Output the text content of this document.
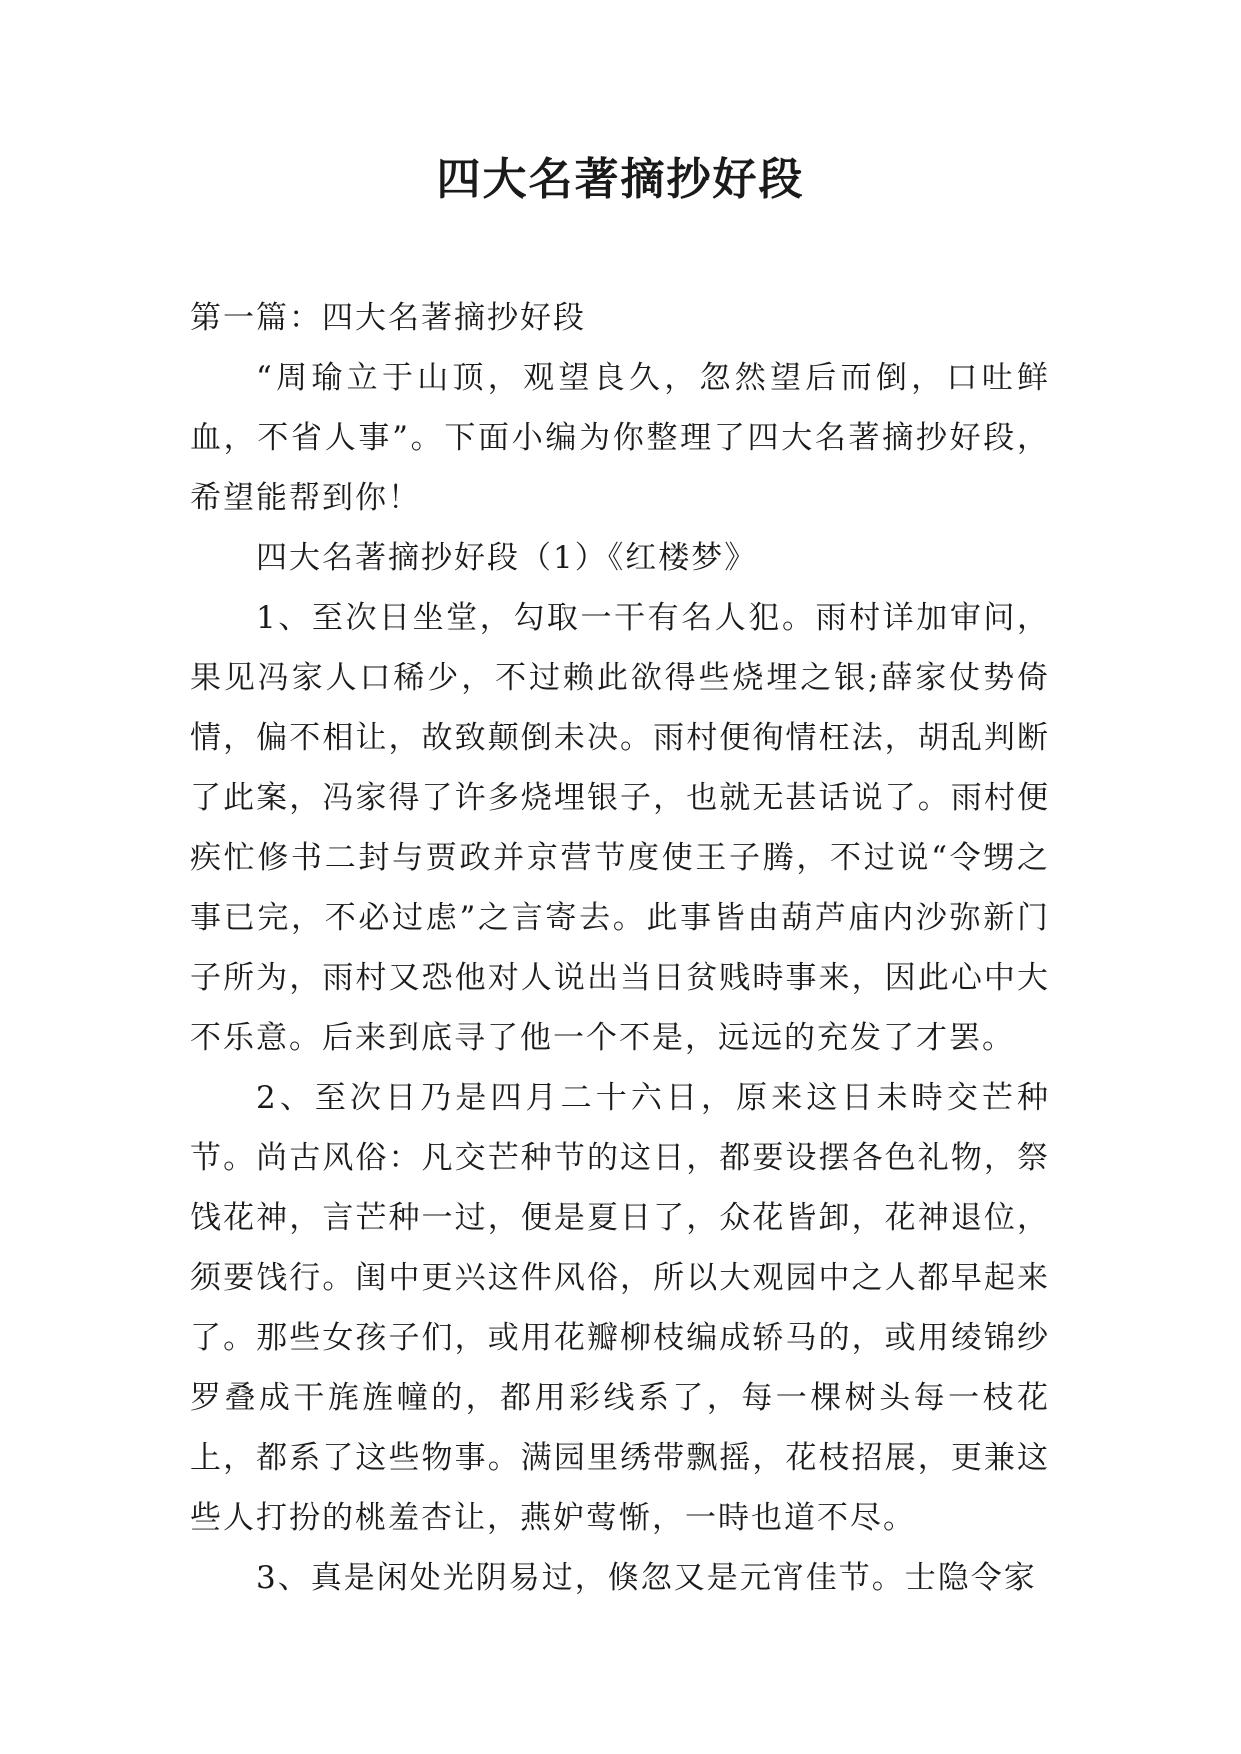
四大名著摘抄好段

第一篇：四大名著摘抄好段

“周瑜立于山顶，观望良久，忽然望后而倒，口吐鲜血，不省人事”。下面小编为你整理了四大名著摘抄好段，希望能帮到你！

四大名著摘抄好段（1）《红楼梦》

1、至次日坐堂，勾取一干有名人犯。雨村详加审问，果见冯家人口稀少，不过赖此欲得些烧埋之银;薛家仗势倚情，偏不相让，故致颠倒未决。雨村便徇情枉法，胡乱判断了此案，冯家得了许多烧埋银子，也就无甚话说了。雨村便疾忙修书二封与贾政并京营节度使王子腾，不过说“令甥之事已完，不必过虑”之言寄去。此事皆由葫芦庙内沙弥新门子所为，雨村又恐他对人说出当日贫贱時事来，因此心中大不乐意。后来到底寻了他一个不是，远远的充发了才罢。

2、至次日乃是四月二十六日，原来这日未時交芒种节。尚古风俗：凡交芒种节的这日，都要设摆各色礼物，祭饯花神，言芒种一过，便是夏日了，众花皆卸，花神退位，须要饯行。闺中更兴这件风俗，所以大观园中之人都早起来了。那些女孩子们，或用花瓣柳枝编成轿马的，或用绫锦纱罗叠成干旄旌幢的，都用彩线系了，每一棵树头每一枝花上，都系了这些物事。满园里绣带飘摇，花枝招展，更兼这些人打扮的桃羞杏让，燕妒莺惭，一時也道不尽。

3、真是闲处光阴易过，倏忽又是元宵佳节。士隐令家
